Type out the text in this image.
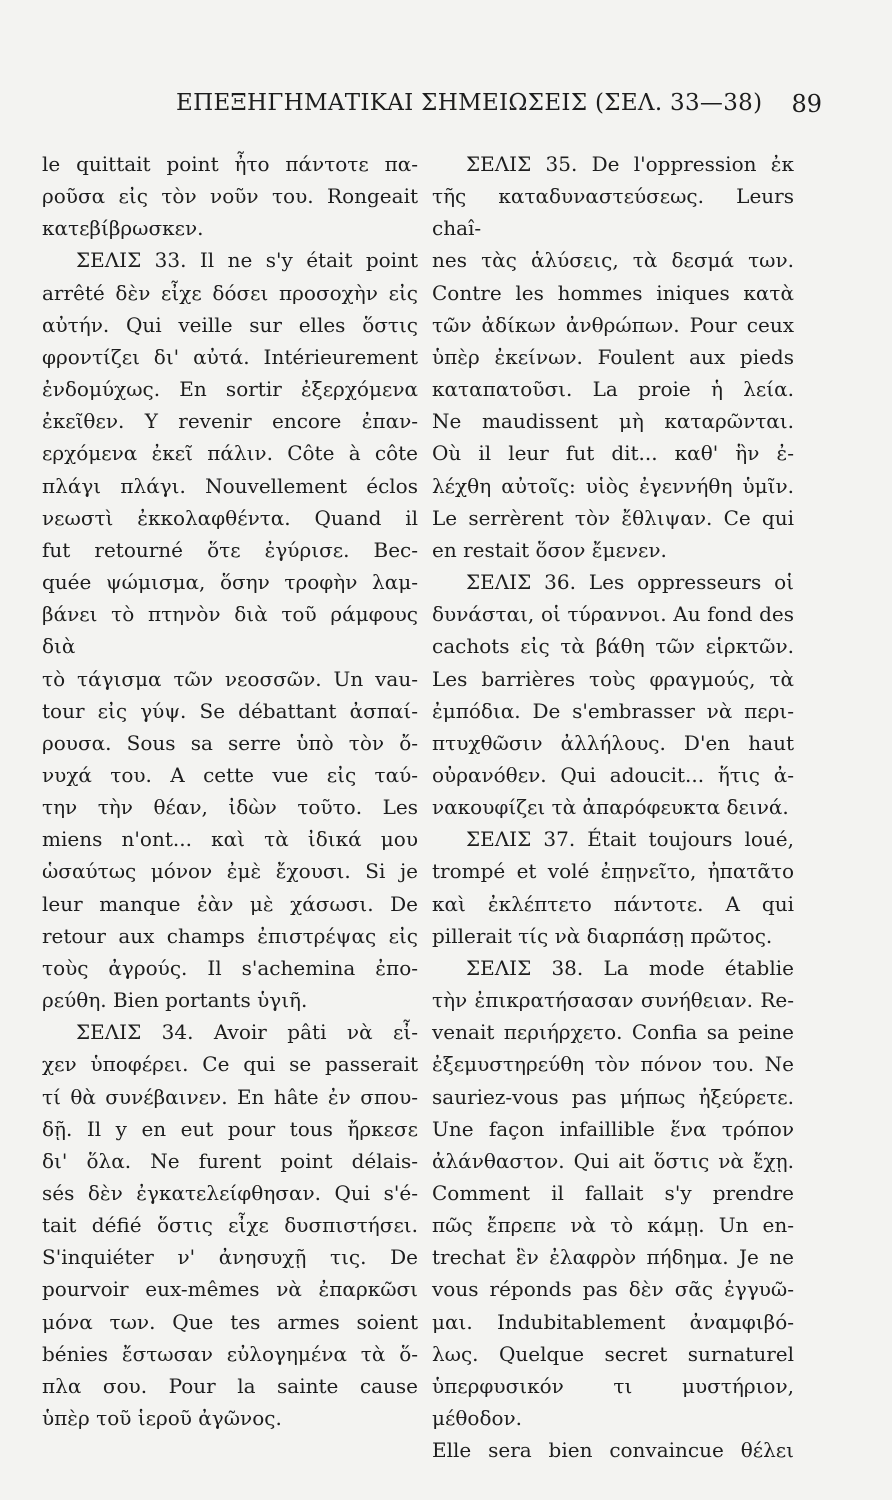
ΕΠΕΞΗΓΗΜΑΤΙΚΑΙ ΣΗΜΕΙΩΣΕΙΣ (ΣΕΛ. 33—38) 89

le quittait point ἦτο πάντοτε πα-

ροῦσα εἰς τὸν νοῦν του. Rongeait

κατεβίβρωσκεν.

ΣΕΛΙΣ 33. Il ne s'y était point

arrêté δὲν εἶχε δόσει προσοχὴν εἰς

αὐτήν. Qui veille sur elles ὅστις

φροντίζει δι' αὐτά. Intérieurement

ἐνδομύχως. En sortir ἐξερχόμενα

ἐκεῖθεν. Y revenir encore ἐπαν-

ερχόμενα ἐκεῖ πάλιν. Côte à côte

πλάγι πλάγι. Nouvellement éclos

νεωστὶ ἐκκολαφθέντα. Quand il

fut retourné ὅτε ἐγύρισε. Bec-

quée ψώμισμα, ὅσην τροφὴν λαμ-

βάνει τὸ πτηνὸν διὰ τοῦ ράμφους διὰ

τὸ τάγισμα τῶν νεοσσῶν. Un vau-

tour εἰς γύψ. Se débattant ἀσπαί-

ρουσα. Sous sa serre ὑπὸ τὸν ὄ-

νυχά του. A cette vue εἰς ταύ-

την τὴν θέαν, ἰδὼν τοῦτο. Les

miens n'ont... καὶ τὰ ἰδικά μου

ὡσαύτως μόνον ἐμὲ ἔχουσι. Si je

leur manque ἐὰν μὲ χάσωσι. De

retour aux champs ἐπιστρέψας εἰς

τοὺς ἀγρούς. Il s'achemina ἐπο-

ρεύθη. Bien portants ὑγιῆ.

ΣΕΛΙΣ 34. Avoir pâti νὰ εἶ-

χεν ὑποφέρει. Ce qui se passerait

τί θὰ συνέβαινεν. En hâte ἐν σπου-

δῇ. Il y en eut pour tous ἤρκεσε

δι' ὅλα. Ne furent point délais-

sés δὲν ἐγκατελείφθησαν. Qui s'é-

tait défié ὅστις εἶχε δυσπιστήσει.

S'inquiéter ν' ἀνησυχῇ τις. De

pourvoir eux-mêmes νὰ ἐπαρκῶσι

μόνα των. Que tes armes soient

bénies ἔστωσαν εὐλογημένα τὰ ὅ-

πλα σου. Pour la sainte cause

ὑπὲρ τοῦ ἱεροῦ ἀγῶνος.

ΣΕΛΙΣ 35. De l'oppression ἐκ

τῆς καταδυναστεύσεως. Leurs chaî-

nes τὰς ἁλύσεις, τὰ δεσμά των.

Contre les hommes iniques κατὰ

τῶν ἀδίκων ἀνθρώπων. Pour ceux

ὑπὲρ ἐκείνων. Foulent aux pieds

καταπατοῦσι. La proie ἡ λεία.

Ne maudissent μὴ καταρῶνται.

Où il leur fut dit... καθ' ἣν ἐ-

λέχθη αὐτοῖς: υἱὸς ἐγεννήθη ὑμῖν.

Le serrèrent τὸν ἔθλιψαν. Ce qui

en restait ὅσον ἔμενεν.

ΣΕΛΙΣ 36. Les oppresseurs οἱ

δυνάσται, οἱ τύραννοι. Au fond des

cachots εἰς τὰ βάθη τῶν εἱρκτῶν.

Les barrières τοὺς φραγμούς, τὰ

ἐμπόδια. De s'embrasser νὰ περι-

πτυχθῶσιν ἀλλήλους. D'en haut

οὐρανόθεν. Qui adoucit... ἥτις ἀ-

νακουφίζει τὰ ἀπαρόφευκτα δεινά.

ΣΕΛΙΣ 37. Était toujours loué,

trompé et volé ἐπῃνεῖτο, ἠπατᾶτο

καὶ ἐκλέπτετο πάντοτε. A qui

pillerait τίς νὰ διαρπάσῃ πρῶτος.

ΣΕΛΙΣ 38. La mode établie

τὴν ἐπικρατήσασαν συνήθειαν. Re-

venait περιήρχετο. Confia sa peine

ἐξεμυστηρεύθη τὸν πόνον του. Ne

sauriez-vous pas μήπως ἠξεύρετε.

Une façon infaillible ἕνα τρόπον

ἀλάνθαστον. Qui ait ὅστις νὰ ἔχῃ.

Comment il fallait s'y prendre

πῶς ἔπρεπε νὰ τὸ κάμῃ. Un en-

trechat ἓν ἐλαφρὸν πήδημα. Je ne

vous réponds pas δὲν σᾶς ἐγγυῶ-

μαι. Indubitablement ἀναμφιβό-

λως. Quelque secret surnaturel

ὑπερφυσικόν τι μυστήριον, μέθοδον.

Elle sera bien convaincue θέλει
